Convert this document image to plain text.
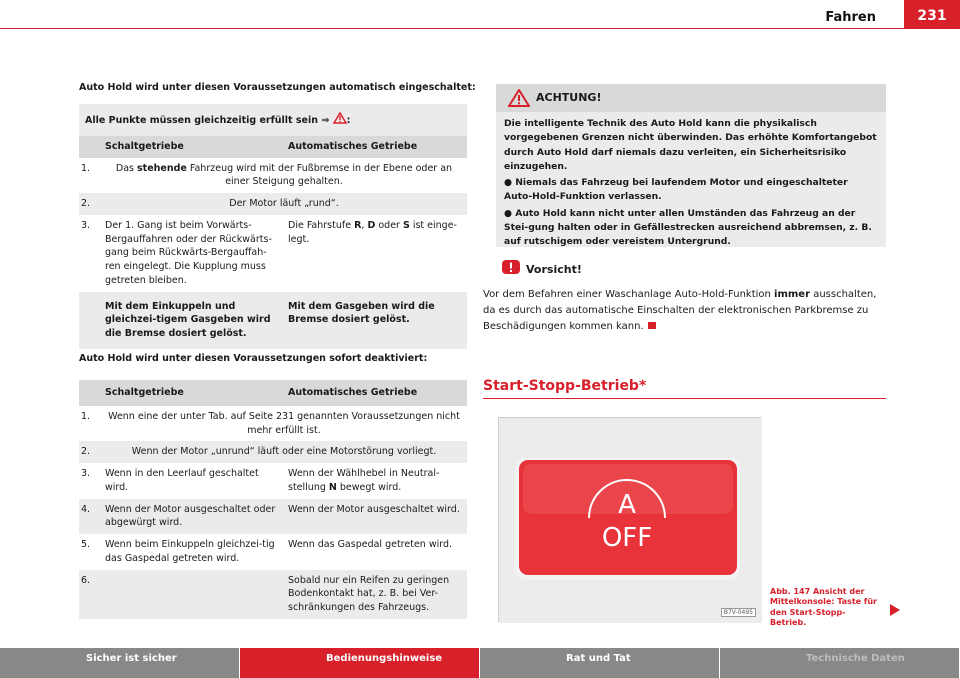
Fahren	231
Auto Hold wird unter diesen Voraussetzungen automatisch eingeschaltet:
Alle Punkte müssen gleichzeitig erfüllt sein ⇒ :		
	Schaltgetriebe	Automatisches Getriebe
1.	Das stehende Fahrzeug wird mit der Fußbremse in der Ebene oder an einer Steigung gehalten.	
2.	Der Motor läuft „rund“.	
3.	Der 1. Gang ist beim Vorwärts-Bergauffahren oder der Rückwärts-gang beim Rückwärts-Bergauffah-ren eingelegt. Die Kupplung muss getreten bleiben.	Die Fahrstufe R, D oder S ist einge-legt.
	Mit dem Einkuppeln und gleichzei-tigem Gasgeben wird die Bremse dosiert gelöst.	Mit dem Gasgeben wird die Bremse dosiert gelöst.
Auto Hold wird unter diesen Voraussetzungen sofort deaktiviert:
	Schaltgetriebe	Automatisches Getriebe
1.	Wenn eine der unter Tab. auf Seite 231 genannten Voraussetzungen nicht mehr erfüllt ist.	
2.	Wenn der Motor „unrund“ läuft oder eine Motorstörung vorliegt.	
3.	Wenn in den Leerlauf geschaltet wird.	Wenn der Wählhebel in Neutral-stellung N bewegt wird.
4.	Wenn der Motor ausgeschaltet oder abgewürgt wird.	Wenn der Motor ausgeschaltet wird.
5.	Wenn beim Einkuppeln gleichzei-tig das Gaspedal getreten wird.	Wenn das Gaspedal getreten wird.
6.		Sobald nur ein Reifen zu geringen Bodenkontakt hat, z. B. bei Ver-schränkungen des Fahrzeugs.
ACHTUNG!

Die intelligente Technik des Auto Hold kann die physikalisch vorgegebenen Grenzen nicht überwinden. Das erhöhte Komfortangebot durch Auto Hold darf niemals dazu verleiten, ein Sicherheitsrisiko einzugehen.

● Niemals das Fahrzeug bei laufendem Motor und eingeschalteter Auto-Hold-Funktion verlassen.

● Auto Hold kann nicht unter allen Umständen das Fahrzeug an der Stei-gung halten oder in Gefällestrecken ausreichend abbremsen, z. B. auf rutschigem oder vereistem Untergrund.

Vorsicht!
Vor dem Befahren einer Waschanlage Auto-Hold-Funktion immer ausschalten, da es durch das automatische Einschalten der elektronischen Parkbremse zu Beschädigungen kommen kann.
Start-Stopp-Betrieb*
A
OFF
B7V-0495
Abb. 147 Ansicht der Mittelkonsole: Taste für den Start-Stopp-Betrieb.
Sicher ist sicher	Bedienungshinweise	Rat und Tat	Technische Daten
